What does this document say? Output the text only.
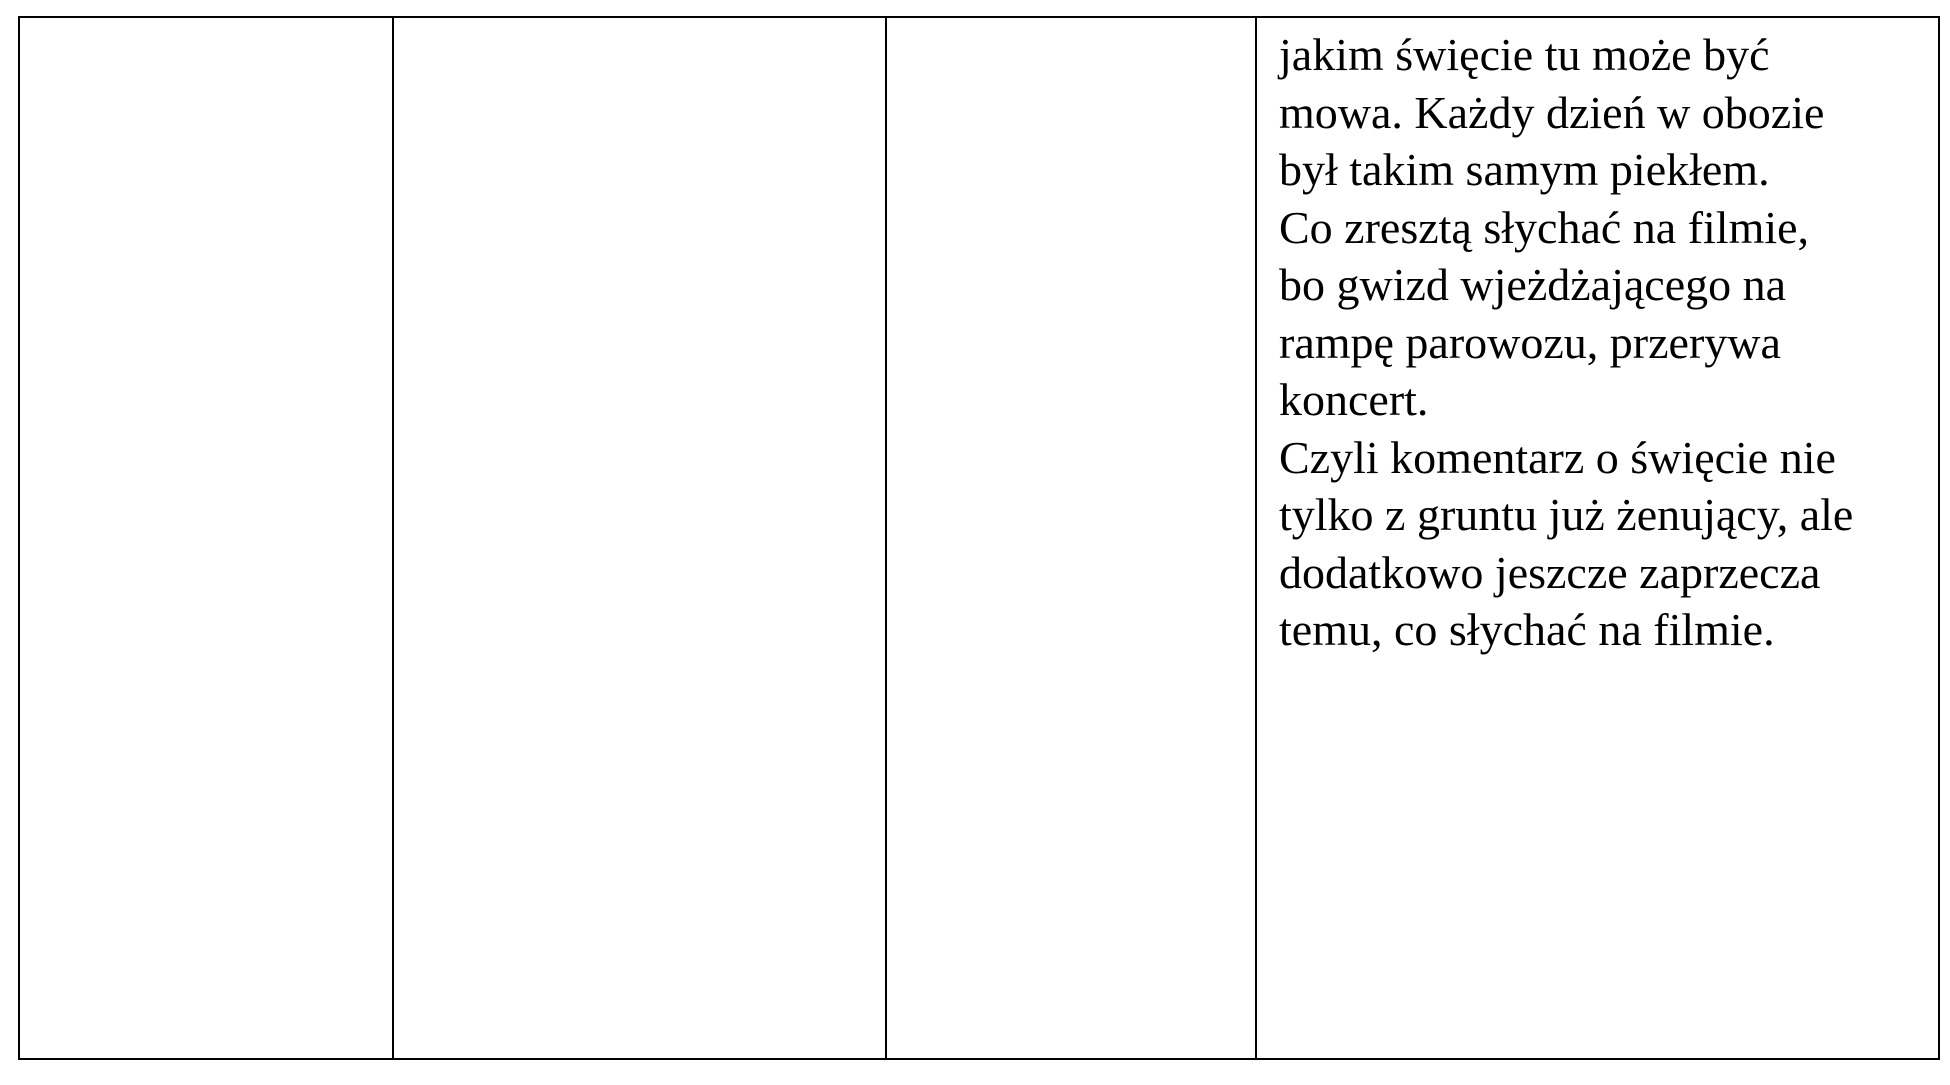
jakim święcie tu może być
mowa. Każdy dzień w obozie
był takim samym piekłem.
Co zresztą słychać na filmie,
bo gwizd wjeżdżającego na
rampę parowozu, przerywa
koncert.
Czyli komentarz o święcie nie
tylko z gruntu już żenujący, ale
dodatkowo jeszcze zaprzecza
temu, co słychać na filmie.
